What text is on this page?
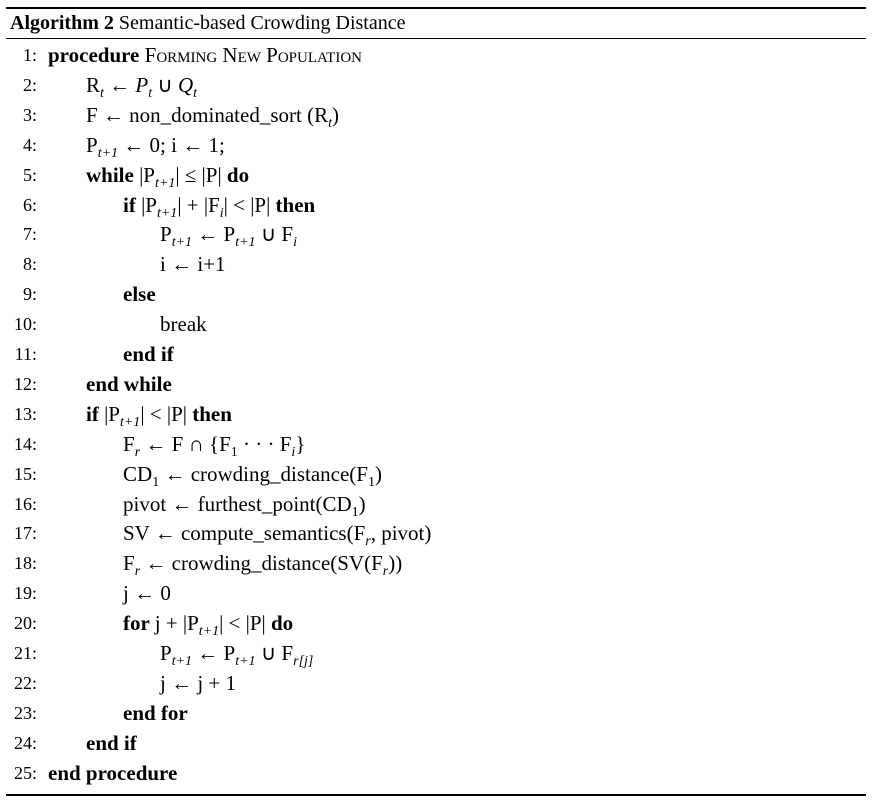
Algorithm 2 Semantic-based Crowding Distance
1: procedure Forming New Population
2: $R_t$ ← $P_t$ ∪ $Q_t$
3: F ← non_dominated_sort $(R_t)$
4: $P_{t+1}$ ← 0; i ← 1;
5: while $|P_{t+1}| \le |P|$ do
6:	if $|P_{t+1}| + |F_i| < |P|$ then
7:	$P_{t+1}$ ← $P_{t+1}$ ∪ $F_i$
8:	i ← i+1
9:	else
10:	break
11:	end if
12: end while
13: if $|P_{t+1}| < |P|$ then
14:	$F_r$ ← F ∩ {$F_1$ · · · $F_i$}
15:	$CD_1$ ← $crowding\_distance(F_1)$
16:	pivot ← $furthest\_point(CD_1)$
17:	SV ← $compute\_semantics(F_r$, pivot)
18:	$F_r$ ← $crowding\_distance(SV(F_r))$
19:	j ← 0
20:	for $j + |P_{t+1}| < |P|$ do
21:	$P_{t+1}$ ← $P_{t+1}$ ∪ $F_{r[j]}$
22:	j ← j + 1
23:	end for
24: end if
25: end procedure
